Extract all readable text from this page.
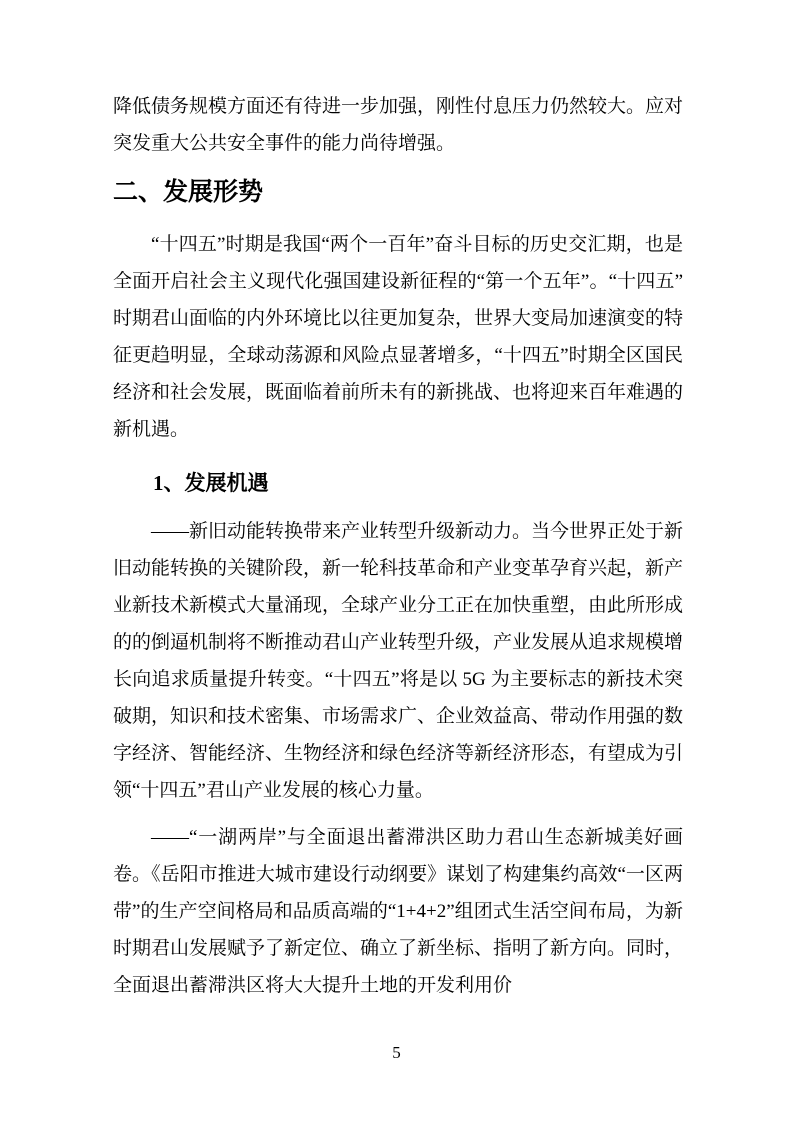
降低债务规模方面还有待进一步加强，刚性付息压力仍然较大。应对突发重大公共安全事件的能力尚待增强。

二、发展形势

“十四五”时期是我国“两个一百年”奋斗目标的历史交汇期，也是全面开启社会主义现代化强国建设新征程的“第一个五年”。“十四五”时期君山面临的内外环境比以往更加复杂，世界大变局加速演变的特征更趋明显，全球动荡源和风险点显著增多，“十四五”时期全区国民经济和社会发展，既面临着前所未有的新挑战、也将迎来百年难遇的新机遇。

1、发展机遇

——新旧动能转换带来产业转型升级新动力。当今世界正处于新旧动能转换的关键阶段，新一轮科技革命和产业变革孕育兴起，新产业新技术新模式大量涌现，全球产业分工正在加快重塑，由此所形成的的倒逼机制将不断推动君山产业转型升级，产业发展从追求规模增长向追求质量提升转变。“十四五”将是以 5G 为主要标志的新技术突破期，知识和技术密集、市场需求广、企业效益高、带动作用强的数字经济、智能经济、生物经济和绿色经济等新经济形态，有望成为引领“十四五”君山产业发展的核心力量。

——“一湖两岸”与全面退出蓄滞洪区助力君山生态新城美好画卷。《岳阳市推进大城市建设行动纲要》谋划了构建集约高效“一区两带”的生产空间格局和品质高端的“1+4+2”组团式生活空间布局，为新时期君山发展赋予了新定位、确立了新坐标、指明了新方向。同时，全面退出蓄滞洪区将大大提升土地的开发利用价

5
